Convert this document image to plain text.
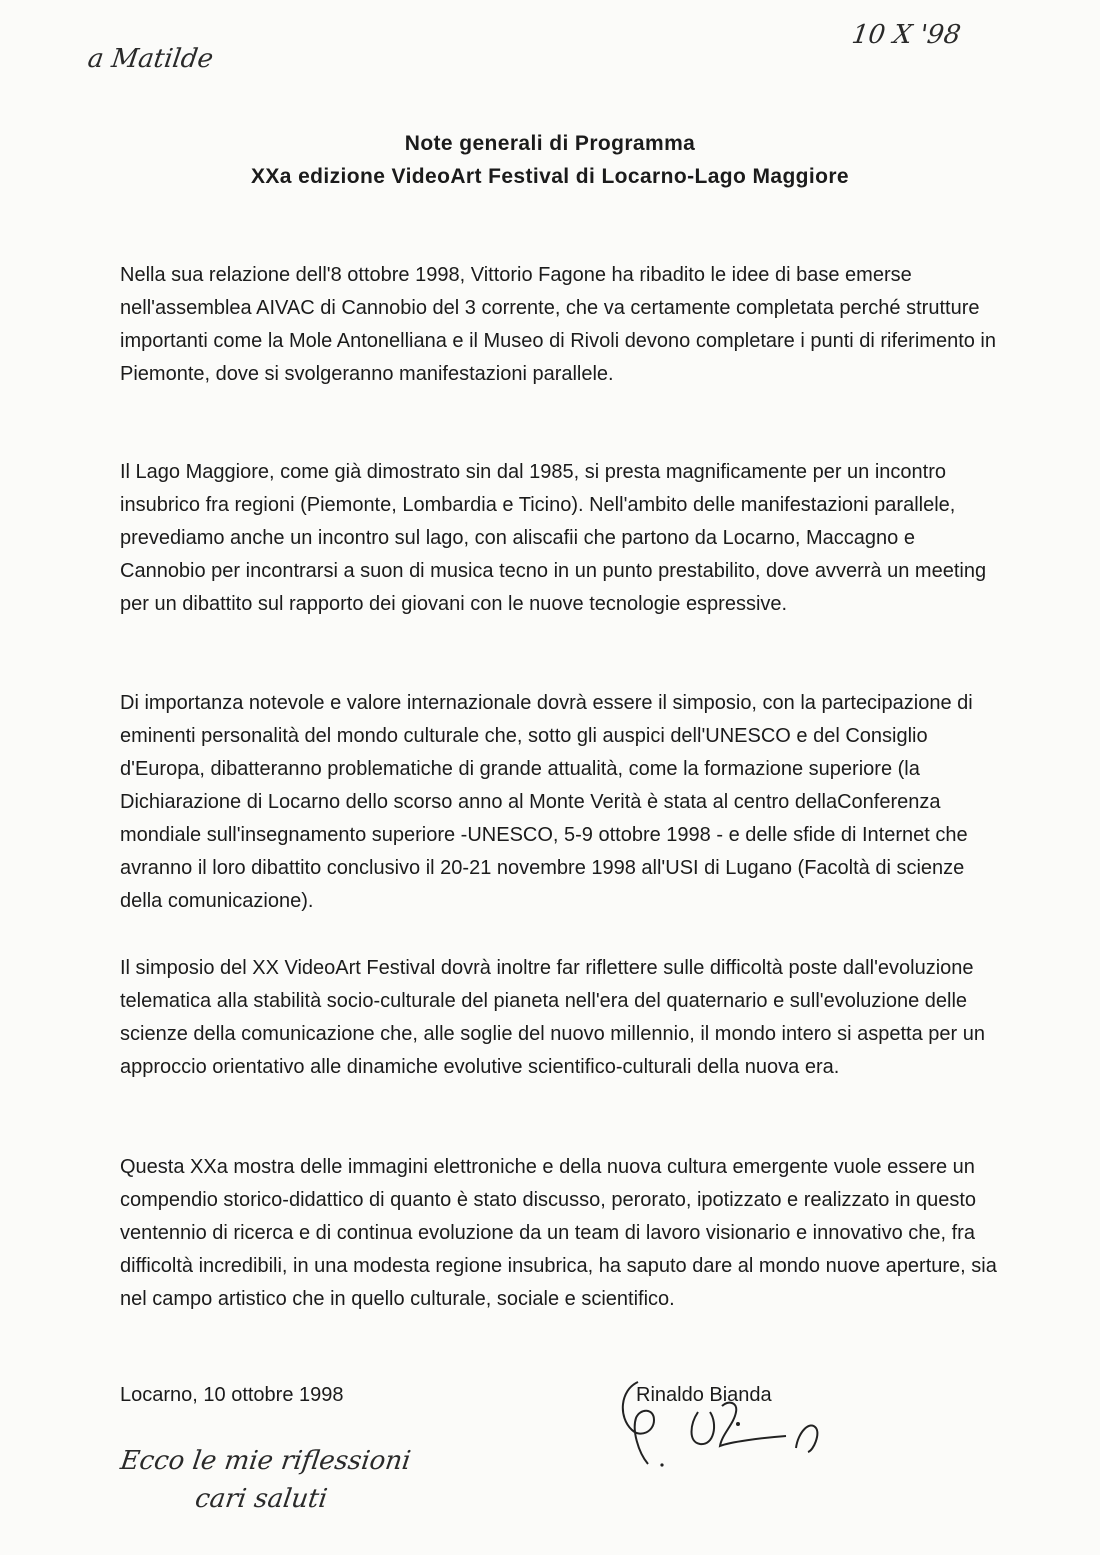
a Matilde
10 X '98
Note generali di Programma
XXa edizione VideoArt Festival di Locarno-Lago Maggiore

Nella sua relazione dell'8 ottobre 1998, Vittorio Fagone ha ribadito le idee di base emerse nell'assemblea AIVAC di Cannobio del 3 corrente, che va certamente completata perché strutture importanti come la Mole Antonelliana e il Museo di Rivoli devono completare i punti di riferimento in Piemonte, dove si svolgeranno manifestazioni parallele.

Il Lago Maggiore, come già dimostrato sin dal 1985, si presta magnificamente per un incontro insubrico fra regioni (Piemonte, Lombardia e Ticino). Nell'ambito delle manifestazioni parallele, prevediamo anche un incontro sul lago, con aliscafii che partono da Locarno, Maccagno e Cannobio per incontrarsi a suon di musica tecno in un punto prestabilito, dove avverrà un meeting per un dibattito sul rapporto dei giovani con le nuove tecnologie espressive.

Di importanza notevole e valore internazionale dovrà essere il simposio, con la partecipazione di eminenti personalità del mondo culturale che, sotto gli auspici dell'UNESCO e del Consiglio d'Europa, dibatteranno problematiche di grande attualità, come la formazione superiore (la Dichiarazione di Locarno dello scorso anno al Monte Verità è stata al centro dellaConferenza mondiale sull'insegnamento superiore -UNESCO, 5-9 ottobre 1998 - e delle sfide di Internet che avranno il loro dibattito conclusivo il 20-21 novembre 1998 all'USI di Lugano (Facoltà di scienze della comunicazione).

Il simposio del XX VideoArt Festival dovrà inoltre far riflettere sulle difficoltà poste dall'evoluzione telematica alla stabilità socio-culturale del pianeta nell'era del quaternario e sull'evoluzione delle scienze della comunicazione che, alle soglie del nuovo millennio, il mondo intero si aspetta per un approccio orientativo alle dinamiche evolutive scientifico-culturali della nuova era.

Questa XXa mostra delle immagini elettroniche e della nuova cultura emergente vuole essere un compendio storico-didattico di quanto è stato discusso, perorato, ipotizzato e realizzato in questo ventennio di ricerca e di continua evoluzione da un team di lavoro visionario e innovativo che, fra difficoltà incredibili, in una modesta regione insubrica, ha saputo dare al mondo nuove aperture, sia nel campo artistico che in quello culturale, sociale e scientifico.

Locarno, 10 ottobre 1998	Rinaldo Bianda
Ecco le mie riflessioni
cari saluti
